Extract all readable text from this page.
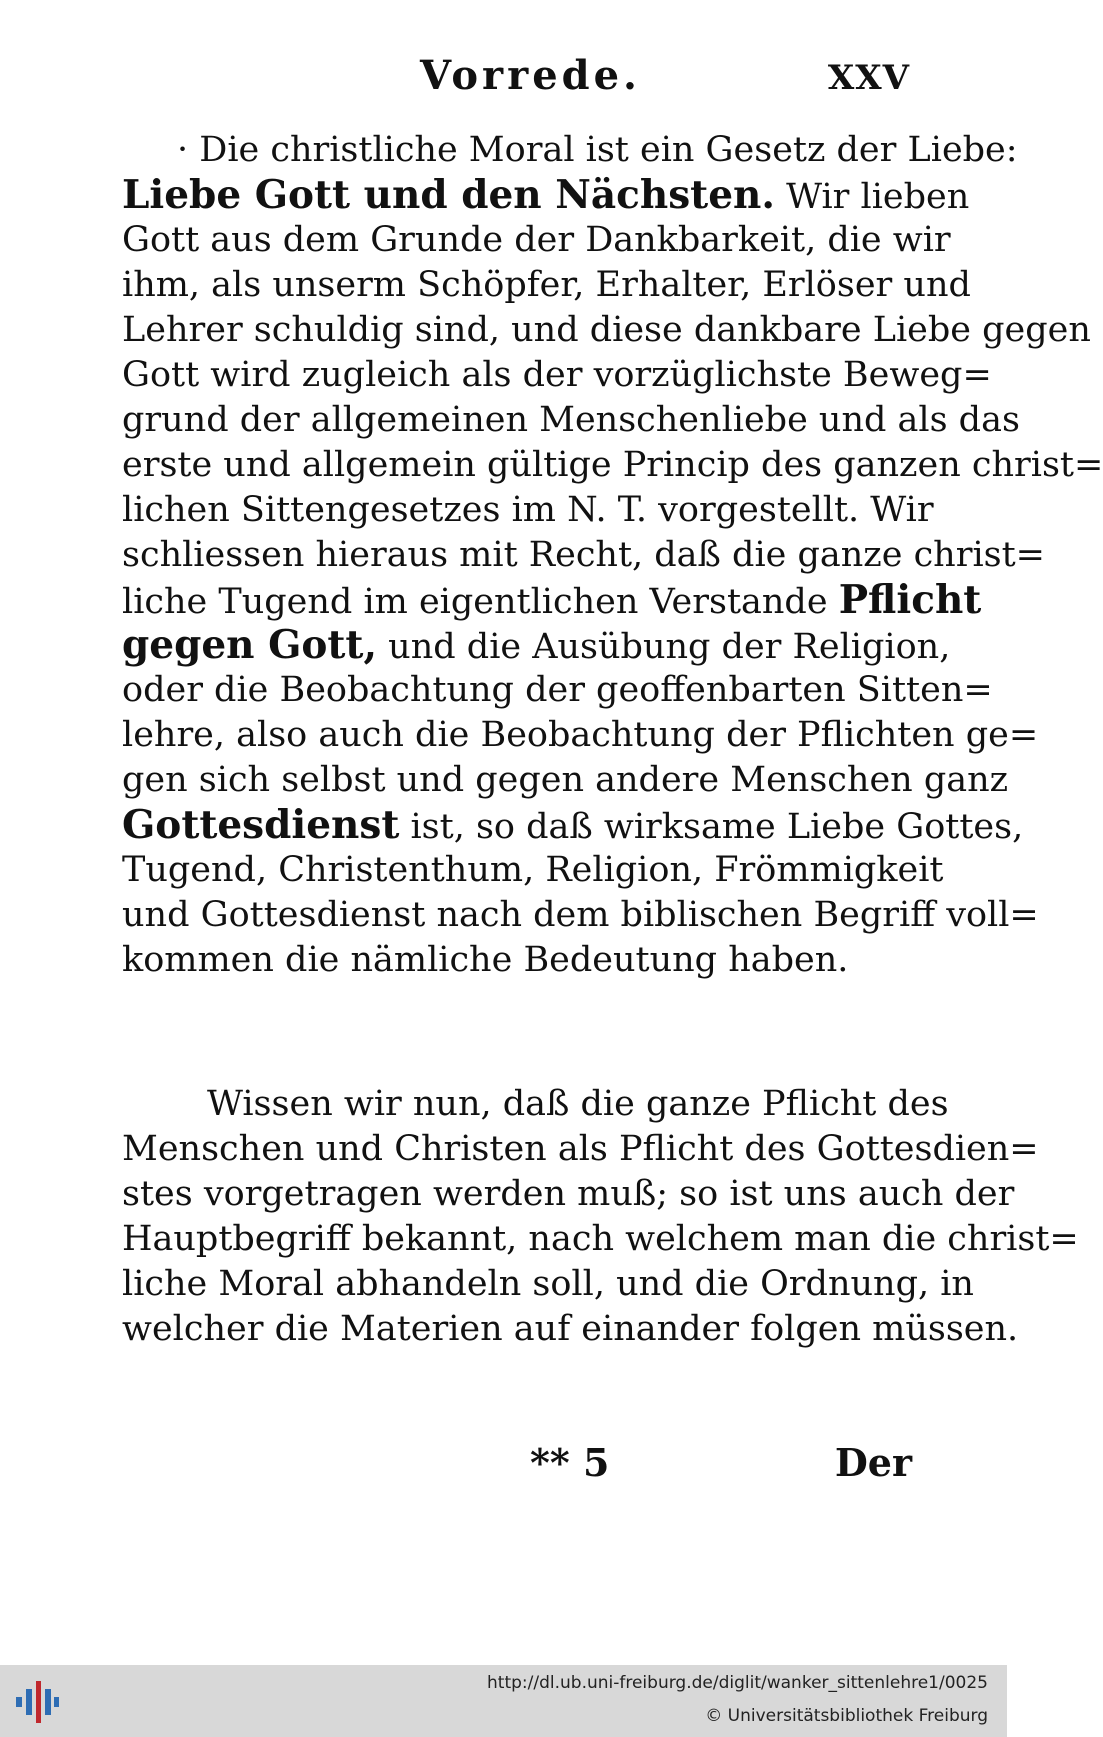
Vorrede.	XXV
· Die christliche Moral ist ein Gesetz der Liebe:
Liebe Gott und den Nächsten. Wir lieben
Gott aus dem Grunde der Dankbarkeit, die wir
ihm, als unserm Schöpfer, Erhalter, Erlöser und
Lehrer schuldig sind, und diese dankbare Liebe gegen
Gott wird zugleich als der vorzüglichste Beweg=
grund der allgemeinen Menschenliebe und als das
erste und allgemein gültige Princip des ganzen christ=
lichen Sittengesetzes im N. T. vorgestellt. Wir
schliessen hieraus mit Recht, daß die ganze christ=
liche Tugend im eigentlichen Verstande Pflicht
gegen Gott, und die Ausübung der Religion,
oder die Beobachtung der geoffenbarten Sitten=
lehre, also auch die Beobachtung der Pflichten ge=
gen sich selbst und gegen andere Menschen ganz
Gottesdienst ist, so daß wirksame Liebe Gottes,
Tugend, Christenthum, Religion, Frömmigkeit
und Gottesdienst nach dem biblischen Begriff voll=
kommen die nämliche Bedeutung haben.
Wissen wir nun, daß die ganze Pflicht des
Menschen und Christen als Pflicht des Gottesdien=
stes vorgetragen werden muß; so ist uns auch der
Hauptbegriff bekannt, nach welchem man die christ=
liche Moral abhandeln soll, und die Ordnung, in
welcher die Materien auf einander folgen müssen.
** 5	Der
http://dl.ub.uni-freiburg.de/diglit/wanker_sittenlehre1/0025
© Universitätsbibliothek Freiburg
